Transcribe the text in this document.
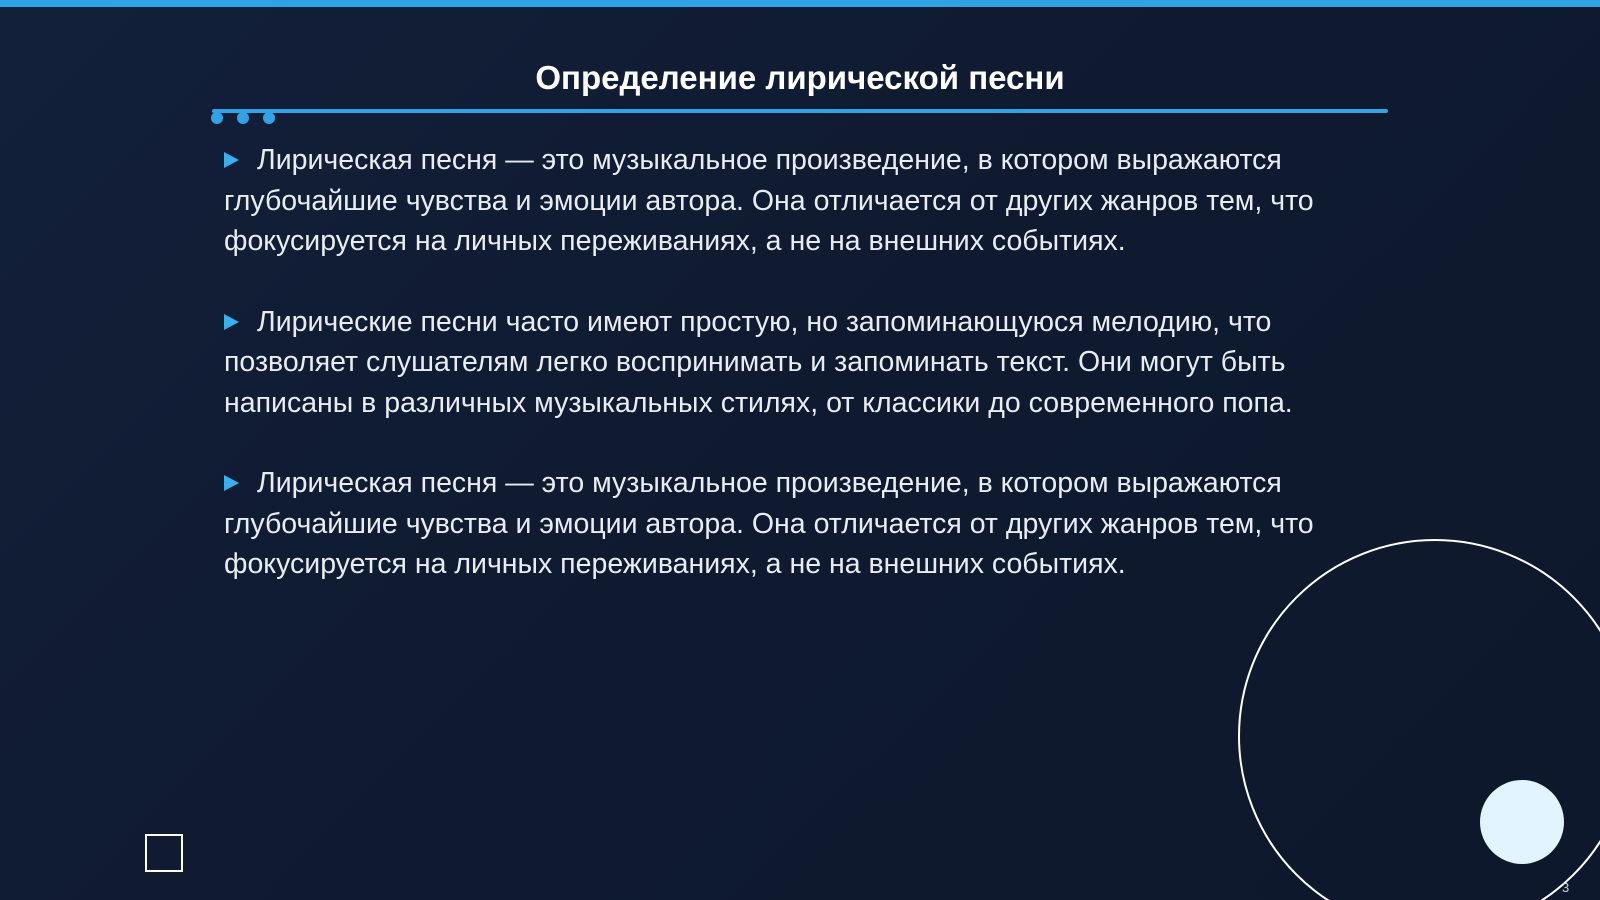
Определение лирической песни
Лирическая песня — это музыкальное произведение, в котором выражаются глубочайшие чувства и эмоции автора. Она отличается от других жанров тем, что фокусируется на личных переживаниях, а не на внешних событиях.
Лирические песни часто имеют простую, но запоминающуюся мелодию, что позволяет слушателям легко воспринимать и запоминать текст. Они могут быть написаны в различных музыкальных стилях, от классики до современного попа.
Лирическая песня — это музыкальное произведение, в котором выражаются глубочайшие чувства и эмоции автора. Она отличается от других жанров тем, что фокусируется на личных переживаниях, а не на внешних событиях.
3
